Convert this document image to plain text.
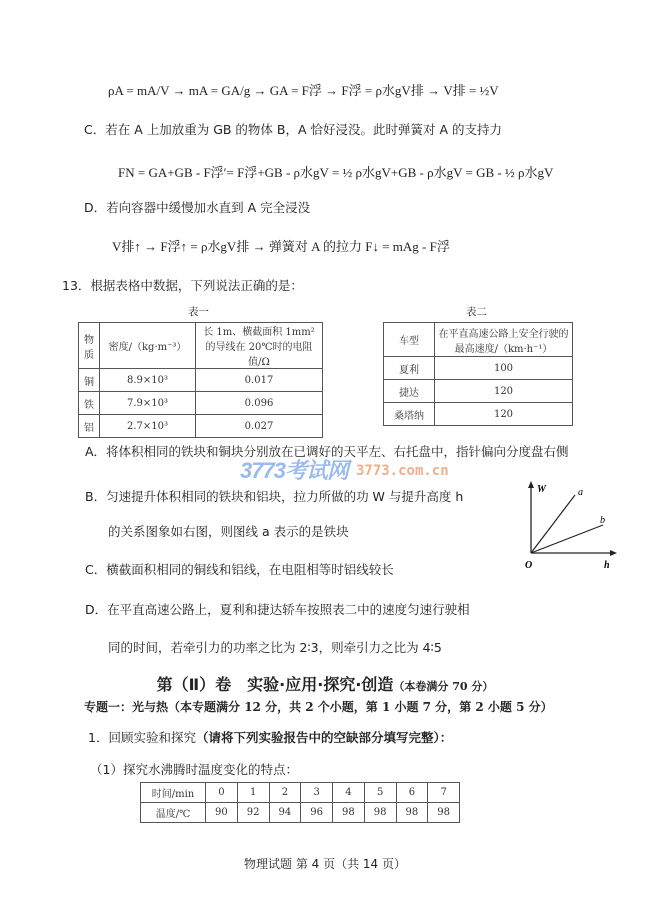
ρA = mA/V → mA = GA/g → GA = F浮 → F浮 = ρ水gV排 → V排 = ½V
C．若在 A 上加放重为 GB 的物体 B，A 恰好浸没。此时弹簧对 A 的支持力
FN = GA+GB - F浮′= F浮+GB - ρ水gV = ½ ρ水gV+GB - ρ水gV = GB - ½ ρ水gV
D．若向容器中缓慢加水直到 A 完全浸没
V排↑ → F浮↑ = ρ水gV排 → 弹簧对 A 的拉力 F↓ = mAg - F浮
13．根据表格中数据，下列说法正确的是：
表一
物质	密度/（kg·m⁻³）	长 1m、横截面积 1mm² 的导线在 20℃时的电阻值/Ω
铜	8.9×10³	0.017
铁	7.9×10³	0.096
铝	2.7×10³	0.027
表二
车型	在平直高速公路上安全行驶的最高速度/（km·h⁻¹）
夏利	100
捷达	120
桑塔纳	120
A．将体积相同的铁块和铜块分别放在已调好的天平左、右托盘中，指针偏向分度盘右侧
B．匀速提升体积相同的铁块和铝块，拉力所做的功 W 与提升高度 h
的关系图象如右图，则图线 a 表示的是铁块
C．横截面积相同的铜线和铝线，在电阻相等时铝线较长
D．在平直高速公路上，夏利和捷达轿车按照表二中的速度匀速行驶相
同的时间，若牵引力的功率之比为 2∶3，则牵引力之比为 4∶5
W	a
b
O	h
3773考试网 3773.com.cn
第（Ⅱ）卷　实验·应用·探究·创造（本卷满分 70 分）
专题一：光与热（本专题满分 12 分，共 2 个小题，第 1 小题 7 分，第 2 小题 5 分）
1．回顾实验和探究（请将下列实验报告中的空缺部分填写完整）：
（1）探究水沸腾时温度变化的特点：
时间/min	0	1	2	3	4	5	6	7
温度/℃	90	92	94	96	98	98	98	98
物理试题 第 4 页（共 14 页）
